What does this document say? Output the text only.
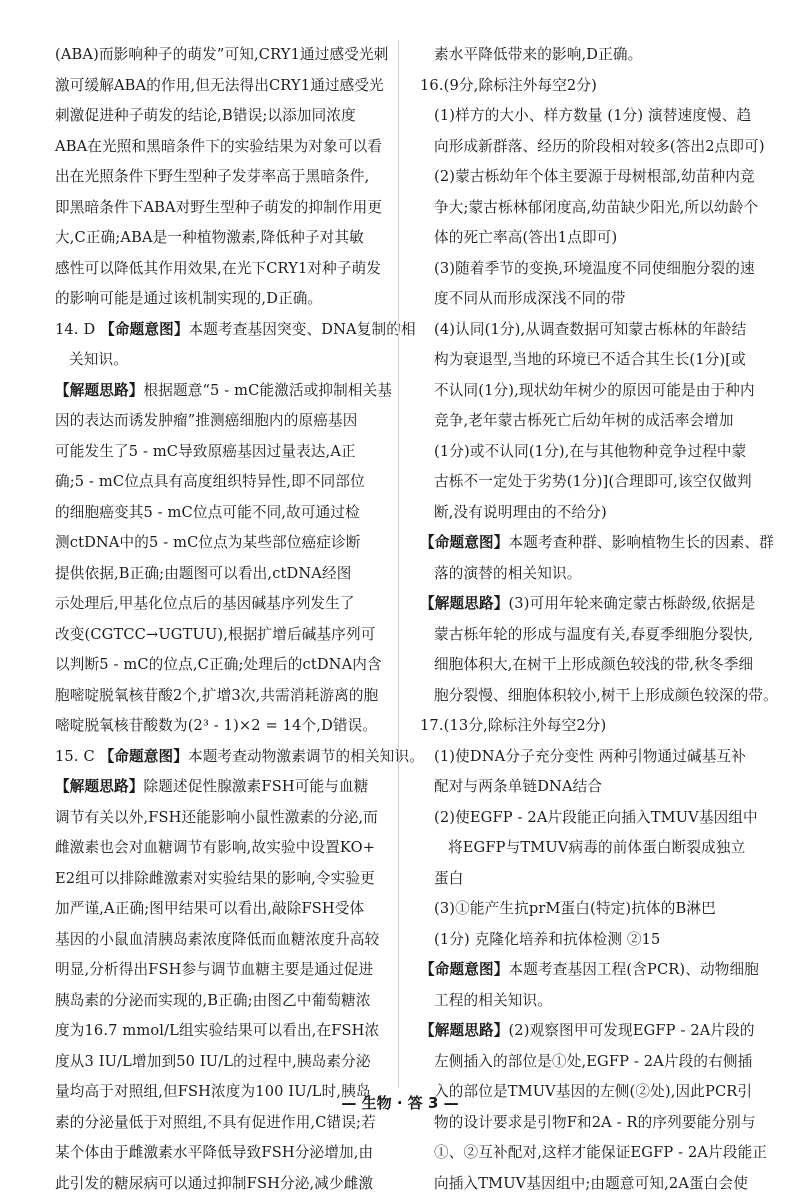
(ABA)而影响种子的萌发”可知,CRY1通过感受光刺
激可缓解ABA的作用,但无法得出CRY1通过感受光
刺激促进种子萌发的结论,B错误;以添加同浓度
ABA在光照和黑暗条件下的实验结果为对象可以看
出在光照条件下野生型种子发芽率高于黑暗条件,
即黑暗条件下ABA对野生型种子萌发的抑制作用更
大,C正确;ABA是一种植物激素,降低种子对其敏
感性可以降低其作用效果,在光下CRY1对种子萌发
的影响可能是通过该机制实现的,D正确。
14. D 【命题意图】本题考查基因突变、DNA复制的相
关知识。
【解题思路】根据题意“5 - mC能激活或抑制相关基
因的表达而诱发肿瘤”推测癌细胞内的原癌基因
可能发生了5 - mC导致原癌基因过量表达,A正
确;5 - mC位点具有高度组织特异性,即不同部位
的细胞癌变其5 - mC位点可能不同,故可通过检
测ctDNA中的5 - mC位点为某些部位癌症诊断
提供依据,B正确;由题图可以看出,ctDNA经图
示处理后,甲基化位点后的基因碱基序列发生了
改变(CGTCC→UGTUU),根据扩增后碱基序列可
以判断5 - mC的位点,C正确;处理后的ctDNA内含
胞嘧啶脱氧核苷酸2个,扩增3次,共需消耗游离的胞
嘧啶脱氧核苷酸数为(2³ - 1)×2 = 14个,D错误。
15. C 【命题意图】本题考查动物激素调节的相关知识。
【解题思路】除题述促性腺激素FSH可能与血糖
调节有关以外,FSH还能影响小鼠性激素的分泌,而
雌激素也会对血糖调节有影响,故实验中设置KO+
E2组可以排除雌激素对实验结果的影响,令实验更
加严谨,A正确;图甲结果可以看出,敲除FSH受体
基因的小鼠血清胰岛素浓度降低而血糖浓度升高较
明显,分析得出FSH参与调节血糖主要是通过促进
胰岛素的分泌而实现的,B正确;由图乙中葡萄糖浓
度为16.7 mmol/L组实验结果可以看出,在FSH浓
度从3 IU/L增加到50 IU/L的过程中,胰岛素分泌
量均高于对照组,但FSH浓度为100 IU/L时,胰岛
素的分泌量低于对照组,不具有促进作用,C错误;若
某个体由于雌激素水平降低导致FSH分泌增加,由
此引发的糖尿病可以通过抑制FSH分泌,减少雌激
素水平降低带来的影响,D正确。
16.(9分,除标注外每空2分)
(1)样方的大小、样方数量 (1分) 演替速度慢、趋
向形成新群落、经历的阶段相对较多(答出2点即可)
(2)蒙古栎幼年个体主要源于母树根部,幼苗种内竞
争大;蒙古栎林郁闭度高,幼苗缺少阳光,所以幼龄个
体的死亡率高(答出1点即可)
(3)随着季节的变换,环境温度不同使细胞分裂的速
度不同从而形成深浅不同的带
(4)认同(1分),从调查数据可知蒙古栎林的年龄结
构为衰退型,当地的环境已不适合其生长(1分)[或
不认同(1分),现状幼年树少的原因可能是由于种内
竞争,老年蒙古栎死亡后幼年树的成活率会增加
(1分)或不认同(1分),在与其他物种竞争过程中蒙
古栎不一定处于劣势(1分)](合理即可,该空仅做判
断,没有说明理由的不给分)
【命题意图】本题考查种群、影响植物生长的因素、群
落的演替的相关知识。
【解题思路】(3)可用年轮来确定蒙古栎龄级,依据是
蒙古栎年轮的形成与温度有关,春夏季细胞分裂快,
细胞体积大,在树干上形成颜色较浅的带,秋冬季细
胞分裂慢、细胞体积较小,树干上形成颜色较深的带。
17.(13分,除标注外每空2分)
(1)使DNA分子充分变性 两种引物通过碱基互补
配对与两条单链DNA结合
(2)使EGFP - 2A片段能正向插入TMUV基因组中
将EGFP与TMUV病毒的前体蛋白断裂成独立
蛋白
(3)①能产生抗prM蛋白(特定)抗体的B淋巴
(1分) 克隆化培养和抗体检测 ②15
【命题意图】本题考查基因工程(含PCR)、动物细胞
工程的相关知识。
【解题思路】(2)观察图甲可发现EGFP - 2A片段的
左侧插入的部位是①处,EGFP - 2A片段的右侧插
入的部位是TMUV基因的左侧(②处),因此PCR引
物的设计要求是引物F和2A - R的序列要能分别与
①、②互补配对,这样才能保证EGFP - 2A片段能正
向插入TMUV基因组中;由题意可知,2A蛋白会使
— 生物 · 答 3 —
